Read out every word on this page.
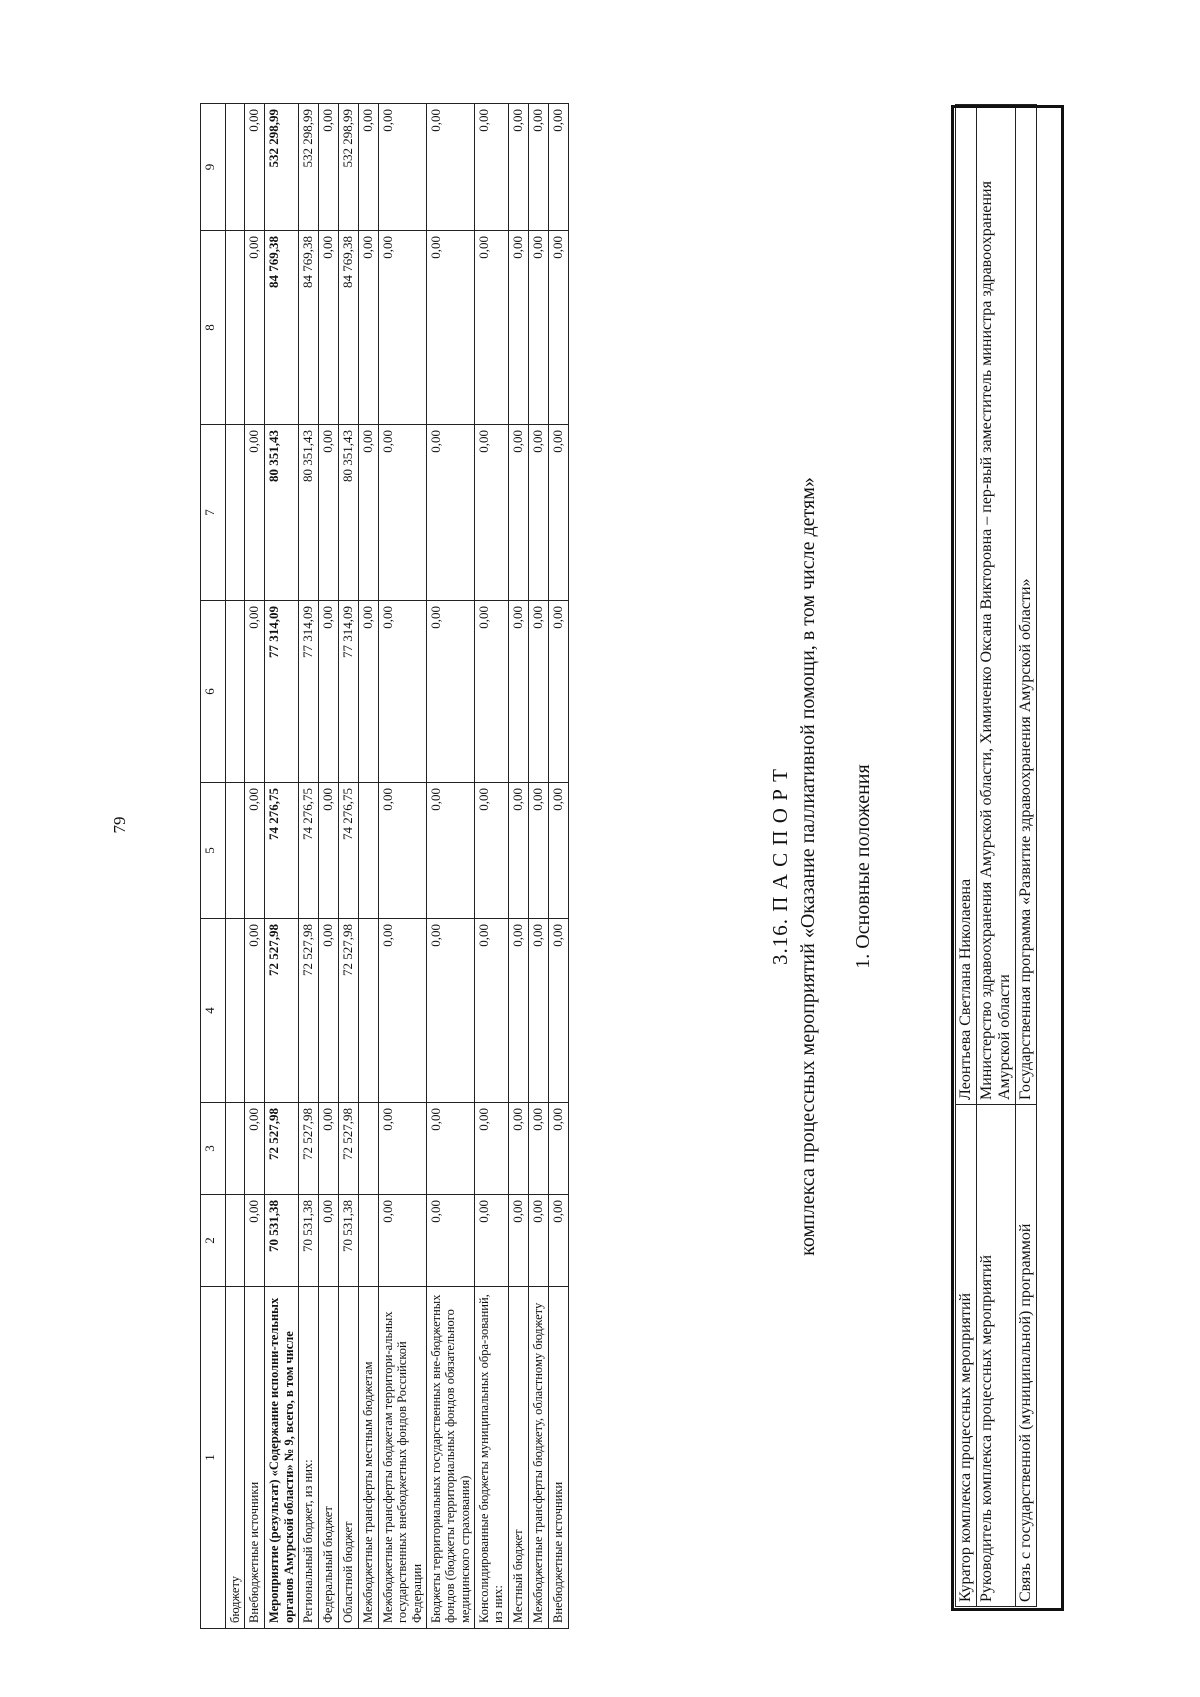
79
1	2	3	4	5	6	7	8	9
бюджету								
Внебюджетные источники	0,00	0,00	0,00	0,00	0,00	0,00	0,00	0,00
Мероприятие (результат) «Содержание исполни-тельных органов Амурской области» № 9, всего, в том числе	70 531,38	72 527,98	72 527,98	74 276,75	77 314,09	80 351,43	84 769,38	532 298,99
Региональный бюджет, из них:	70 531,38	72 527,98	72 527,98	74 276,75	77 314,09	80 351,43	84 769,38	532 298,99
Федеральный бюджет	0,00	0,00	0,00	0,00	0,00	0,00	0,00	0,00
Областной бюджет	70 531,38	72 527,98	72 527,98	74 276,75	77 314,09	80 351,43	84 769,38	532 298,99
Межбюджетные трансферты местным бюджетам					0,00	0,00	0,00	0,00
Межбюджетные трансферты бюджетам территори-альных государственных внебюджетных фондов Российской Федерации	0,00	0,00	0,00	0,00	0,00	0,00	0,00	0,00
Бюджеты территориальных государственных вне-бюджетных фондов (бюджеты территориальных фондов обязательного медицинского страхования)	0,00	0,00	0,00	0,00	0,00	0,00	0,00	0,00
Консолидированные бюджеты муниципальных обра-зований, из них:	0,00	0,00	0,00	0,00	0,00	0,00	0,00	0,00
Местный бюджет	0,00	0,00	0,00	0,00	0,00	0,00	0,00	0,00
Межбюджетные трансферты бюджету, областному бюджету	0,00	0,00	0,00	0,00	0,00	0,00	0,00	0,00
Внебюджетные источники	0,00	0,00	0,00	0,00	0,00	0,00	0,00	0,00

3.16. П А С П О Р Т комплекса процессных мероприятий «Оказание паллиативной помощи, в том числе детям» 1. Основные положения

Куратор комплекса процессных мероприятий	Леонтьева Светлана Николаевна
Руководитель комплекса процессных мероприятий	Министерство здравоохранения Амурской области, Химиченко Оксана Викторовна – пер-вый заместитель министра здравоохранения Амурской области
Связь с государственной (муниципальной) программой	Государственная программа «Развитие здравоохранения Амурской области»
